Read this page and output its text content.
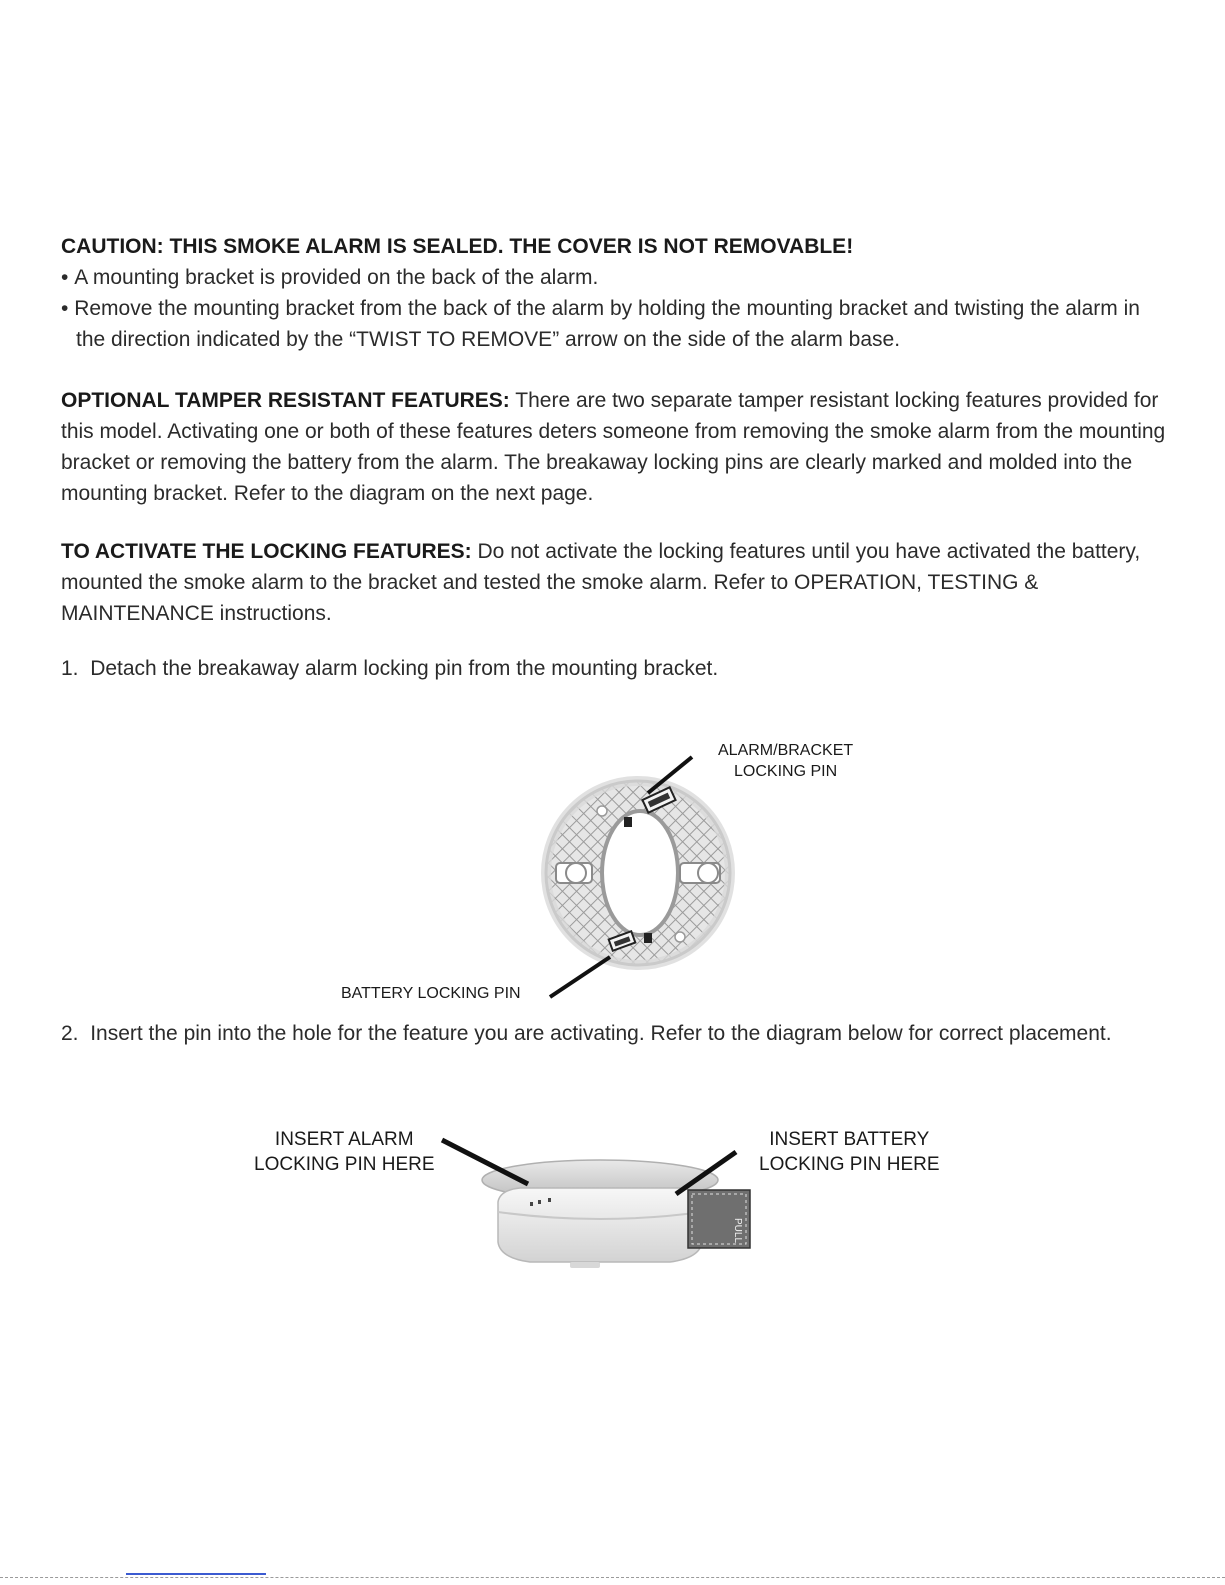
CAUTION: THIS SMOKE ALARM IS SEALED. THE COVER IS NOT REMOVABLE!

• A mounting bracket is provided on the back of the alarm.

• Remove the mounting bracket from the back of the alarm by holding the mounting bracket and twisting the alarm in the direction indicated by the “TWIST TO REMOVE” arrow on the side of the alarm base.

OPTIONAL TAMPER RESISTANT FEATURES: There are two separate tamper resistant locking features provided for this model. Activating one or both of these features deters someone from removing the smoke alarm from the mounting bracket or removing the battery from the alarm. The breakaway locking pins are clearly marked and molded into the mounting bracket. Refer to the diagram on the next page.

TO ACTIVATE THE LOCKING FEATURES: Do not activate the locking features until you have activated the battery, mounted the smoke alarm to the bracket and tested the smoke alarm. Refer to OPERATION, TESTING & MAINTENANCE instructions.

1. Detach the breakaway alarm locking pin from the mounting bracket.

ALARM/BRACKET
LOCKING PIN
BATTERY LOCKING PIN

2. Insert the pin into the hole for the feature you are activating. Refer to the diagram below for correct placement.

PULL
INSERT ALARM
LOCKING PIN HERE
INSERT BATTERY
LOCKING PIN HERE
